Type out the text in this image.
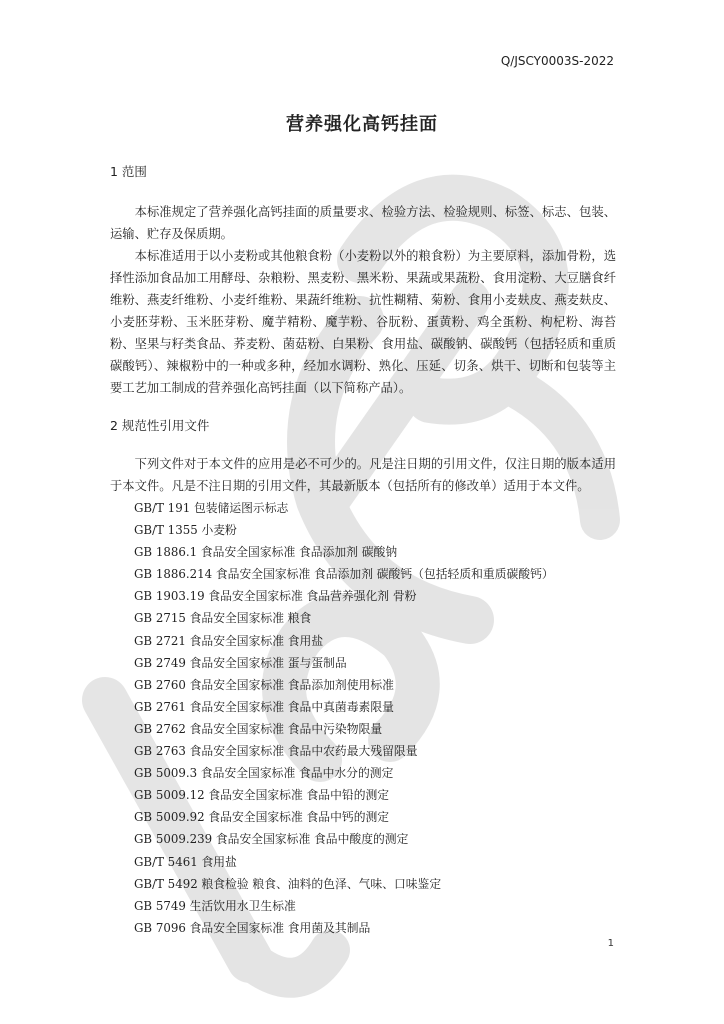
Q/JSCY0003S-2022
营养强化高钙挂面
1 范围

本标准规定了营养强化高钙挂面的质量要求、检验方法、检验规则、标签、标志、包装、运输、贮存及保质期。

本标准适用于以小麦粉或其他粮食粉（小麦粉以外的粮食粉）为主要原料，添加骨粉，选择性添加食品加工用酵母、杂粮粉、黑麦粉、黑米粉、果蔬或果蔬粉、食用淀粉、大豆膳食纤维粉、燕麦纤维粉、小麦纤维粉、果蔬纤维粉、抗性糊精、菊粉、食用小麦麸皮、燕麦麸皮、小麦胚芽粉、玉米胚芽粉、魔芋精粉、魔芋粉、谷朊粉、蛋黄粉、鸡全蛋粉、枸杞粉、海苔粉、坚果与籽类食品、荞麦粉、菌菇粉、白果粉、食用盐、碳酸钠、碳酸钙（包括轻质和重质碳酸钙）、辣椒粉中的一种或多种，经加水调粉、熟化、压延、切条、烘干、切断和包装等主要工艺加工制成的营养强化高钙挂面（以下简称产品）。

2 规范性引用文件

下列文件对于本文件的应用是必不可少的。凡是注日期的引用文件，仅注日期的版本适用于本文件。凡是不注日期的引用文件，其最新版本（包括所有的修改单）适用于本文件。

GB/T 191 包装储运图示标志
GB/T 1355 小麦粉
GB 1886.1 食品安全国家标准 食品添加剂 碳酸钠
GB 1886.214 食品安全国家标准 食品添加剂 碳酸钙（包括轻质和重质碳酸钙）
GB 1903.19 食品安全国家标准 食品营养强化剂 骨粉
GB 2715 食品安全国家标准 粮食
GB 2721 食品安全国家标准 食用盐
GB 2749 食品安全国家标准 蛋与蛋制品
GB 2760 食品安全国家标准 食品添加剂使用标准
GB 2761 食品安全国家标准 食品中真菌毒素限量
GB 2762 食品安全国家标准 食品中污染物限量
GB 2763 食品安全国家标准 食品中农药最大残留限量
GB 5009.3 食品安全国家标准 食品中水分的测定
GB 5009.12 食品安全国家标准 食品中铅的测定
GB 5009.92 食品安全国家标准 食品中钙的测定
GB 5009.239 食品安全国家标准 食品中酸度的测定
GB/T 5461 食用盐
GB/T 5492 粮食检验 粮食、油料的色泽、气味、口味鉴定
GB 5749 生活饮用水卫生标准
GB 7096 食品安全国家标准 食用菌及其制品
1
